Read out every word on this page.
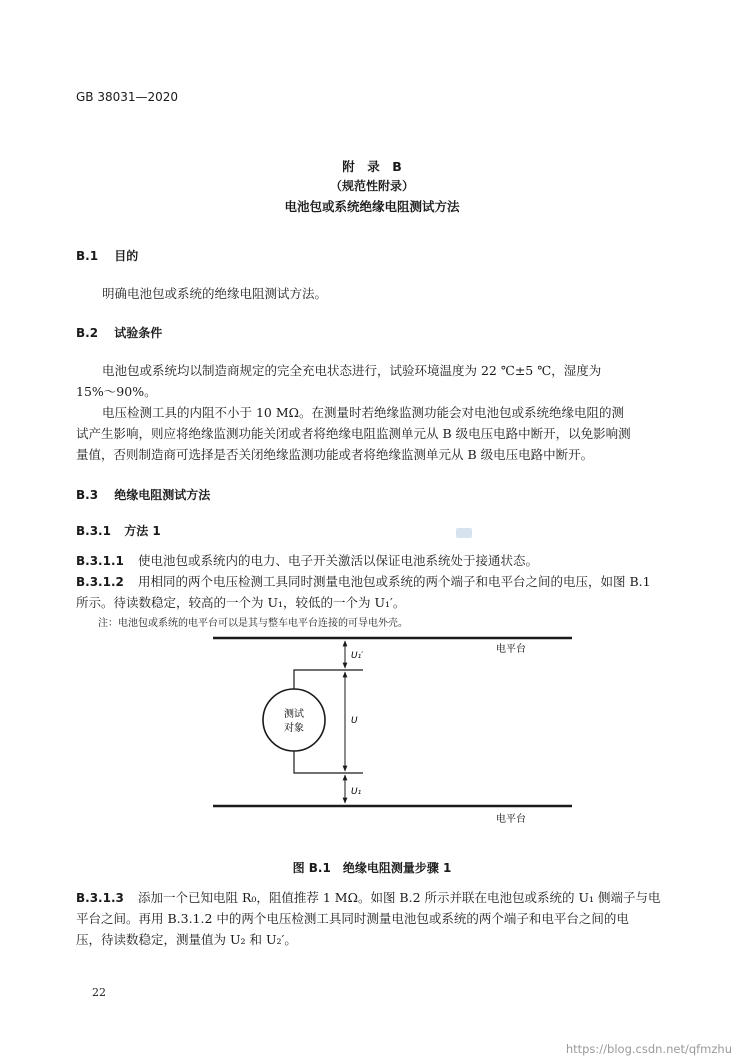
GB 38031—2020
附　录　B
（规范性附录）
电池包或系统绝缘电阻测试方法
B.1 目的
明确电池包或系统的绝缘电阻测试方法。
B.2 试验条件
电池包或系统均以制造商规定的完全充电状态进行，试验环境温度为 22 ℃±5 ℃，湿度为
15%～90%。
电压检测工具的内阻不小于 10 MΩ。在测量时若绝缘监测功能会对电池包或系统绝缘电阻的测
试产生影响，则应将绝缘监测功能关闭或者将绝缘电阻监测单元从 B 级电压电路中断开，以免影响测
量值，否则制造商可选择是否关闭绝缘监测功能或者将绝缘监测单元从 B 级电压电路中断开。
B.3 绝缘电阻测试方法
B.3.1 方法 1
B.3.1.1 使电池包或系统内的电力、电子开关激活以保证电池系统处于接通状态。
B.3.1.2 用相同的两个电压检测工具同时测量电池包或系统的两个端子和电平台之间的电压，如图 B.1
所示。待读数稳定，较高的一个为 U₁，较低的一个为 U₁′。
注：电池包或系统的电平台可以是其与整车电平台连接的可导电外壳。
测试
对象
U₁′
U
U₁
电平台
电平台
图 B.1　绝缘电阻测量步骤 1
B.3.1.3 添加一个已知电阻 R₀，阻值推荐 1 MΩ。如图 B.2 所示并联在电池包或系统的 U₁ 侧端子与电
平台之间。再用 B.3.1.2 中的两个电压检测工具同时测量电池包或系统的两个端子和电平台之间的电
压，待读数稳定，测量值为 U₂ 和 U₂′。
22
https://blog.csdn.net/qfmzhu
